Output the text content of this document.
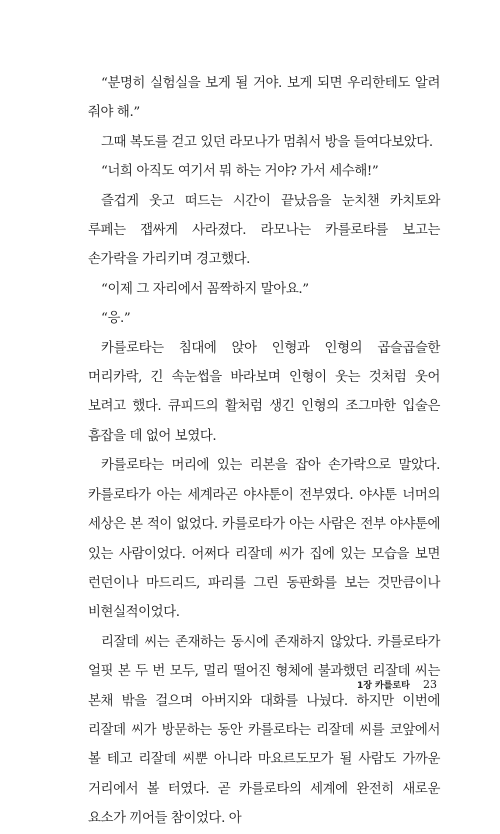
“분명히 실험실을 보게 될 거야. 보게 되면 우리한테도 알려 줘야 해.”

그때 복도를 걷고 있던 라모나가 멈춰서 방을 들여다보았다.

“너희 아직도 여기서 뭐 하는 거야? 가서 세수해!”

즐겁게 웃고 떠드는 시간이 끝났음을 눈치챈 카치토와 루페는 잽싸게 사라졌다. 라모나는 카를로타를 보고는 손가락을 가리키며 경고했다.

“이제 그 자리에서 꼼짝하지 말아요.”

“응.”

카를로타는 침대에 앉아 인형과 인형의 곱슬곱슬한 머리카락, 긴 속눈썹을 바라보며 인형이 웃는 것처럼 웃어 보려고 했다. 큐피드의 활처럼 생긴 인형의 조그마한 입술은 흠잡을 데 없어 보였다.

카를로타는 머리에 있는 리본을 잡아 손가락으로 말았다. 카를로타가 아는 세계라곤 야샤툰이 전부였다. 야샤툰 너머의 세상은 본 적이 없었다. 카를로타가 아는 사람은 전부 야샤툰에 있는 사람이었다. 어쩌다 리잘데 씨가 집에 있는 모습을 보면 런던이나 마드리드, 파리를 그린 동판화를 보는 것만큼이나 비현실적이었다.

리잘데 씨는 존재하는 동시에 존재하지 않았다. 카를로타가 얼핏 본 두 번 모두, 멀리 떨어진 형체에 불과했던 리잘데 씨는 본채 밖을 걸으며 아버지와 대화를 나눴다. 하지만 이번에 리잘데 씨가 방문하는 동안 카를로타는 리잘데 씨를 코앞에서 볼 테고 리잘데 씨뿐 아니라 마요르도모가 될 사람도 가까운 거리에서 볼 터였다. 곧 카를로타의 세계에 완전히 새로운 요소가 끼어들 참이었다. 아

1장 카를로타 23
